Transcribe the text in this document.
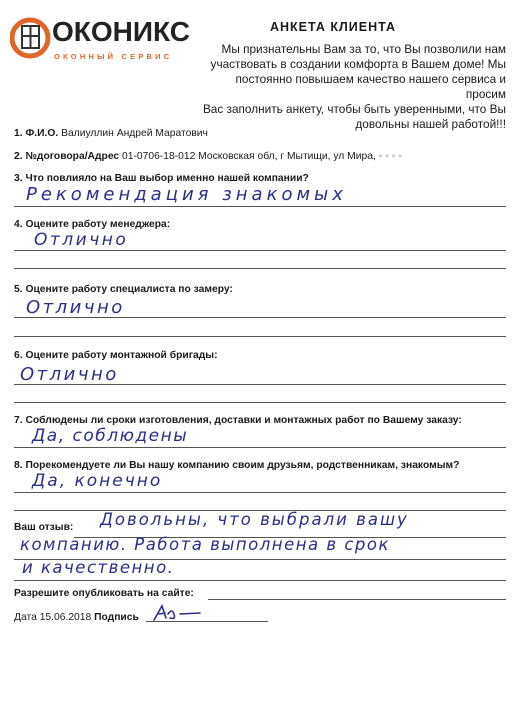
ОКОНИКС
ОКОННЫЙ СЕРВИС
АНКЕТА КЛИЕНТА
Мы признательны Вам за то, что Вы позволили нам
участвовать в создании комфорта в Вашем доме! Мы
постоянно повышаем качество нашего сервиса и просим
Вас заполнить анкету, чтобы быть уверенными, что Вы довольны нашей работой!!!
1. Ф.И.О. Валиуллин Андрей Маратович
2. №договора/Адрес 01-0706-18-012 Московская обл, г Мытищи, ул Мира, ▪ ▪ ▪ ▪
3. Что повлияло на Ваш выбор именно нашей компании?
Рекомендация знакомых
4. Оцените работу менеджера:
Отлично
5. Оцените работу специалиста по замеру:
Отлично
6. Оцените работу монтажной бригады:
Отлично
7. Соблюдены ли сроки изготовления, доставки и монтажных работ по Вашему заказу:
Да, соблюдены
8. Порекомендуете ли Вы нашу компанию своим друзьям, родственникам, знакомым?
Да, конечно
Ваш отзыв: Довольны, что выбрали вашу
компанию. Работа выполнена в срок
и качественно.
Разрешите опубликовать на сайте:
Дата 15.06.2018 Подпись
